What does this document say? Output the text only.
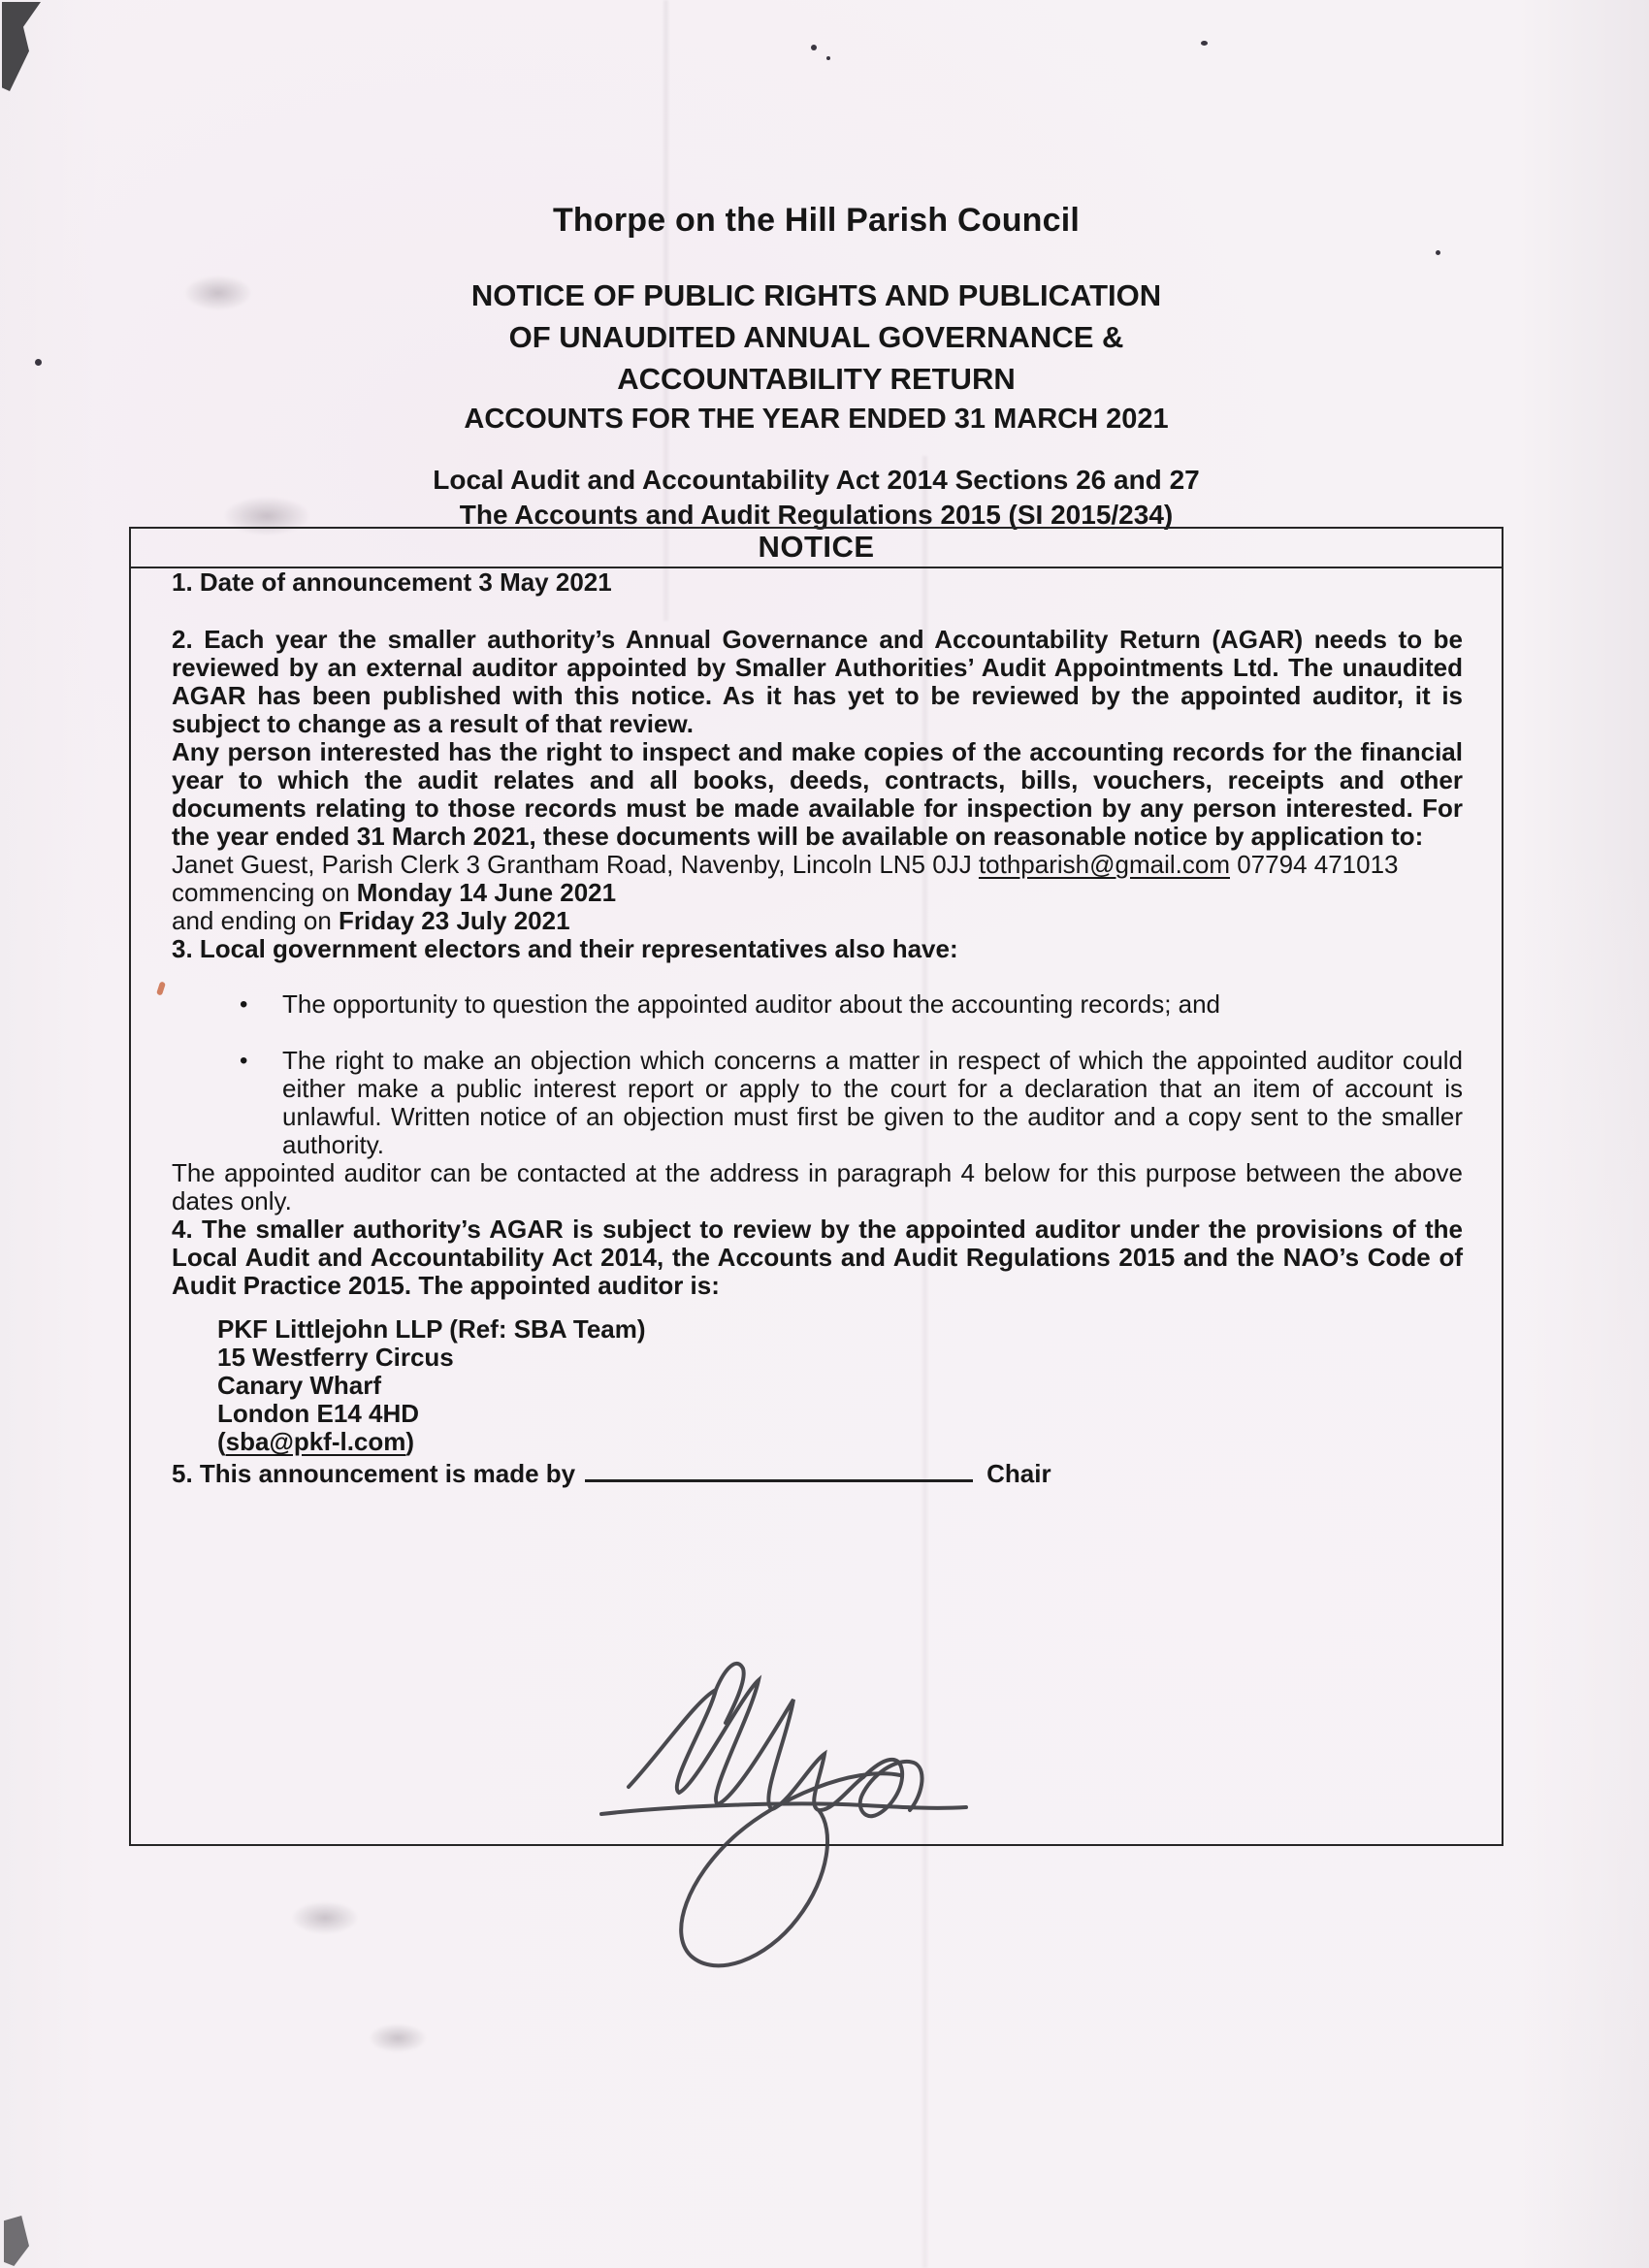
Thorpe on the Hill Parish Council
NOTICE OF PUBLIC RIGHTS AND PUBLICATION
OF UNAUDITED ANNUAL GOVERNANCE &
ACCOUNTABILITY RETURN
ACCOUNTS FOR THE YEAR ENDED 31 MARCH 2021
Local Audit and Accountability Act 2014 Sections 26 and 27
The Accounts and Audit Regulations 2015 (SI 2015/234)
NOTICE

1. Date of announcement 3 May 2021

2. Each year the smaller authority’s Annual Governance and Accountability Return (AGAR) needs to be reviewed by an external auditor appointed by Smaller Authorities’ Audit Appointments Ltd. The unaudited AGAR has been published with this notice. As it has yet to be reviewed by the appointed auditor, it is subject to change as a result of that review.

Any person interested has the right to inspect and make copies of the accounting records for the financial year to which the audit relates and all books, deeds, contracts, bills, vouchers, receipts and other documents relating to those records must be made available for inspection by any person interested. For the year ended 31 March 2021, these documents will be available on reasonable notice by application to:

Janet Guest, Parish Clerk 3 Grantham Road, Navenby, Lincoln LN5 0JJ tothparish@gmail.com 07794 471013

commencing on Monday 14 June 2021

and ending on Friday 23 July 2021

3. Local government electors and their representatives also have:

•	The opportunity to question the appointed auditor about the accounting records; and
•	The right to make an objection which concerns a matter in respect of which the appointed auditor could either make a public interest report or apply to the court for a declaration that an item of account is unlawful. Written notice of an objection must first be given to the auditor and a copy sent to the smaller authority.

The appointed auditor can be contacted at the address in paragraph 4 below for this purpose between the above dates only.

4. The smaller authority’s AGAR is subject to review by the appointed auditor under the provisions of the Local Audit and Accountability Act 2014, the Accounts and Audit Regulations 2015 and the NAO’s Code of Audit Practice 2015. The appointed auditor is:

PKF Littlejohn LLP (Ref: SBA Team)
15 Westferry Circus
Canary Wharf
London E14 4HD
(sba@pkf-l.com)

5. This announcement is made by	Chair
